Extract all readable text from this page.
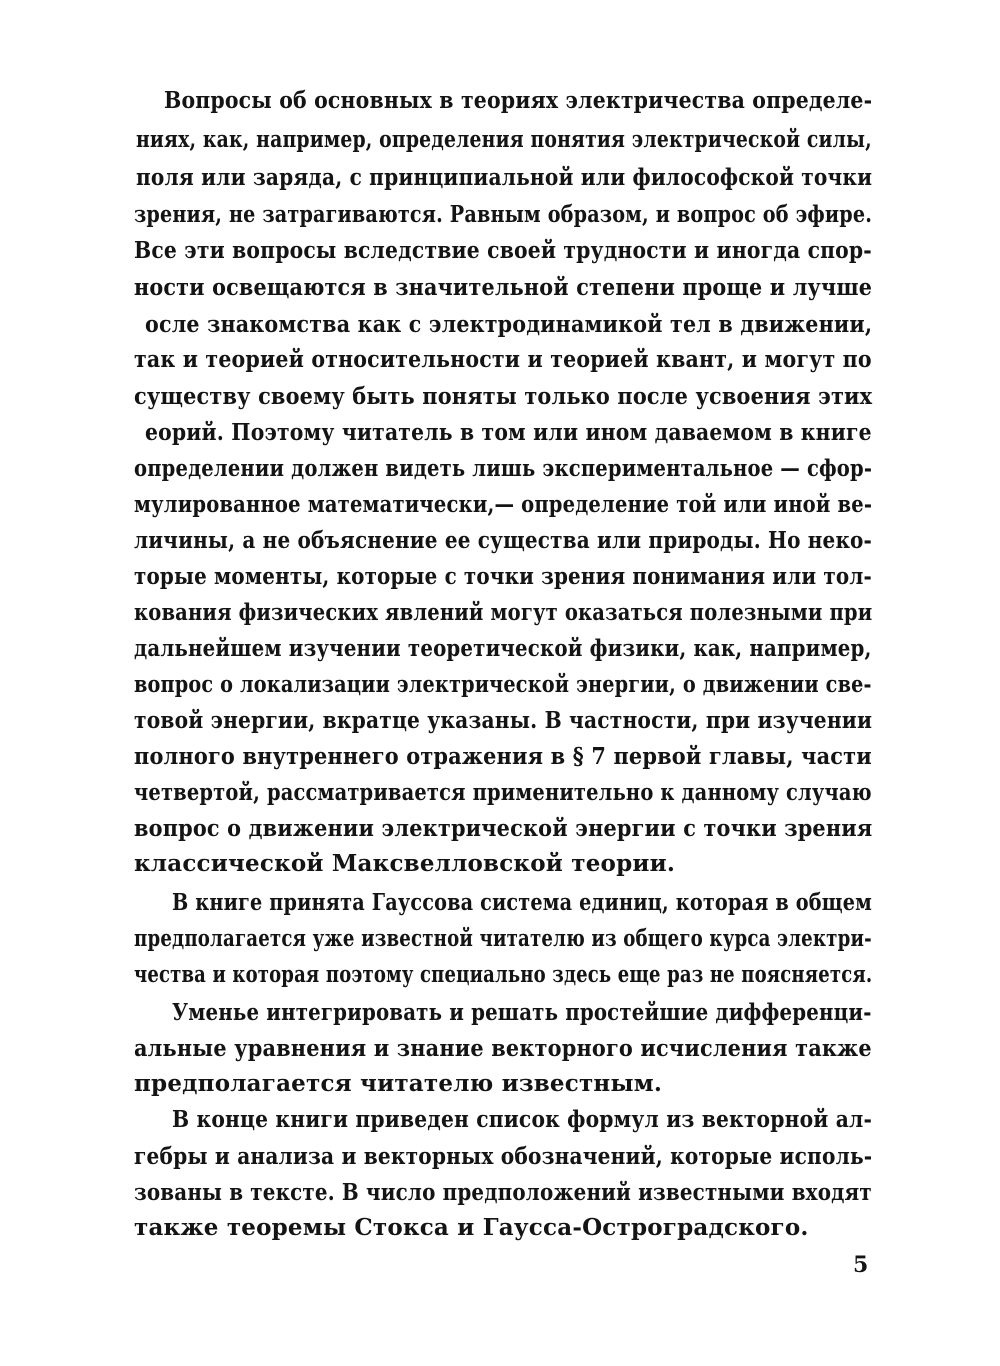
Вопросы об основных в теориях электричества определе-
ниях, как, например, определения понятия электрической силы,
поля или заряда, с принципиальной или философской точки
зрения, не затрагиваются. Равным образом, и вопрос об эфире.
Все эти вопросы вследствие своей трудности и иногда спор-
ности освещаются в значительной степени проще и лучше
осле знакомства как с электродинамикой тел в движении,
так и теорией относительности и теорией квант, и могут по
существу своему быть поняты только после усвоения этих
еорий. Поэтому читатель в том или ином даваемом в книге
определении должен видеть лишь экспериментальное — сфор-
мулированное математически,— определение той или иной ве-
личины, а не объяснение ее существа или природы. Но неко-
торые моменты, которые с точки зрения понимания или тол-
кования физических явлений могут оказаться полезными при
дальнейшем изучении теоретической физики, как, например,
вопрос о локализации электрической энергии, о движении све-
товой энергии, вкратце указаны. В частности, при изучении
полного внутреннего отражения в § 7 первой главы, части
четвертой, рассматривается применительно к данному случаю
вопрос о движении электрической энергии с точки зрения
классической Максвелловской теории.
В книге принята Гауссова система единиц, которая в общем
предполагается уже известной читателю из общего курса электри-
чества и которая поэтому специально здесь еще раз не поясняется.
Уменье интегрировать и решать простейшие дифференци-
альные уравнения и знание векторного исчисления также
предполагается читателю известным.
В конце книги приведен список формул из векторной ал-
гебры и анализа и векторных обозначений, которые исполь-
зованы в тексте. В число предположений известными входят
также теоремы Стокса и Гаусса-Остроградского.
5
